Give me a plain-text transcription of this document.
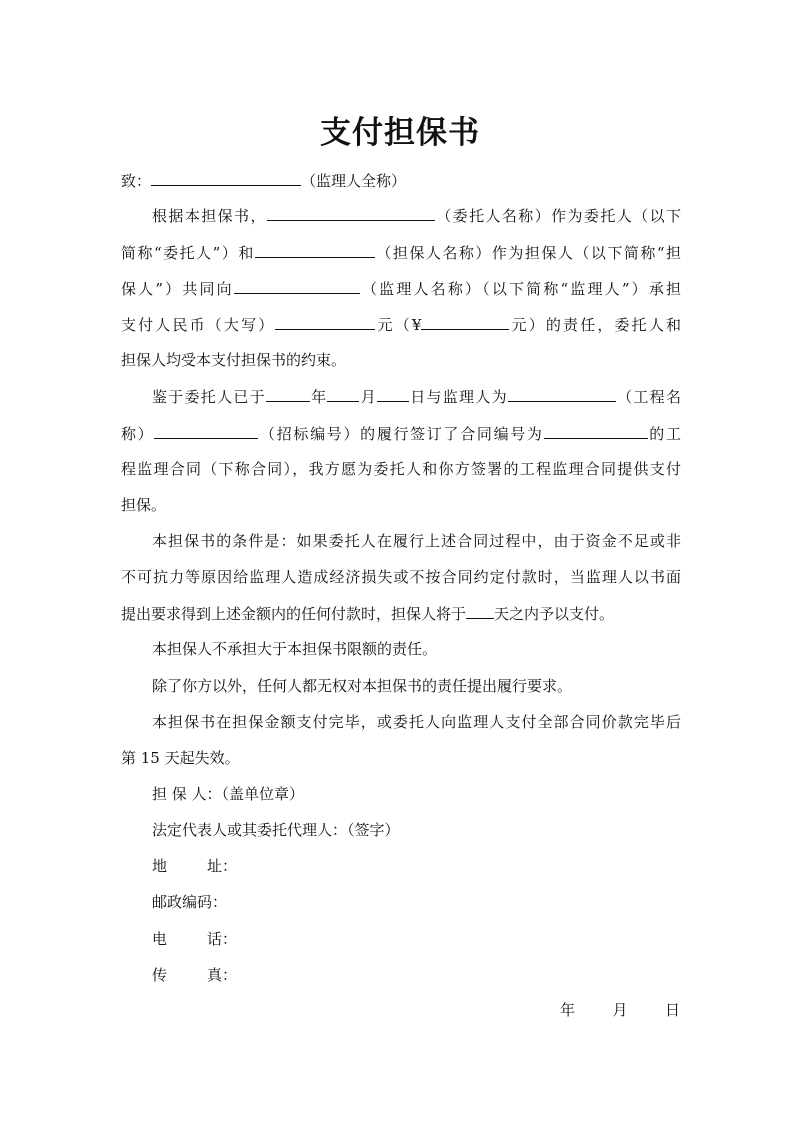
支付担保书
致：	（监理人全称）
根据本担保书，	（委托人名称）作为委托人（以下
简称“委托人”）和	（担保人名称）作为担保人（以下简称“担
保人”）共同向	（监理人名称）（以下简称“监理人”）承担
支付人民币（大写）	元（¥	元）的责任，委托人和
担保人均受本支付担保书的约束。
鉴于委托人已于	年 月 日与监理人为	（工程名
称）	（招标编号）的履行签订了合同编号为	的工
程监理合同（下称合同），我方愿为委托人和你方签署的工程监理合同提供支付
担保。
本担保书的条件是：如果委托人在履行上述合同过程中，由于资金不足或非
不可抗力等原因给监理人造成经济损失或不按合同约定付款时，当监理人以书面
提出要求得到上述金额内的任何付款时，担保人将于 天之内予以支付。
本担保人不承担大于本担保书限额的责任。
除了你方以外，任何人都无权对本担保书的责任提出履行要求。
本担保书在担保金额支付完毕，或委托人向监理人支付全部合同价款完毕后
第 15 天起失效。
担 保 人：（盖单位章）
法定代表人或其委托代理人：（签字）
地	址：
邮政编码：
电	话：
传	真：
年 月 日
